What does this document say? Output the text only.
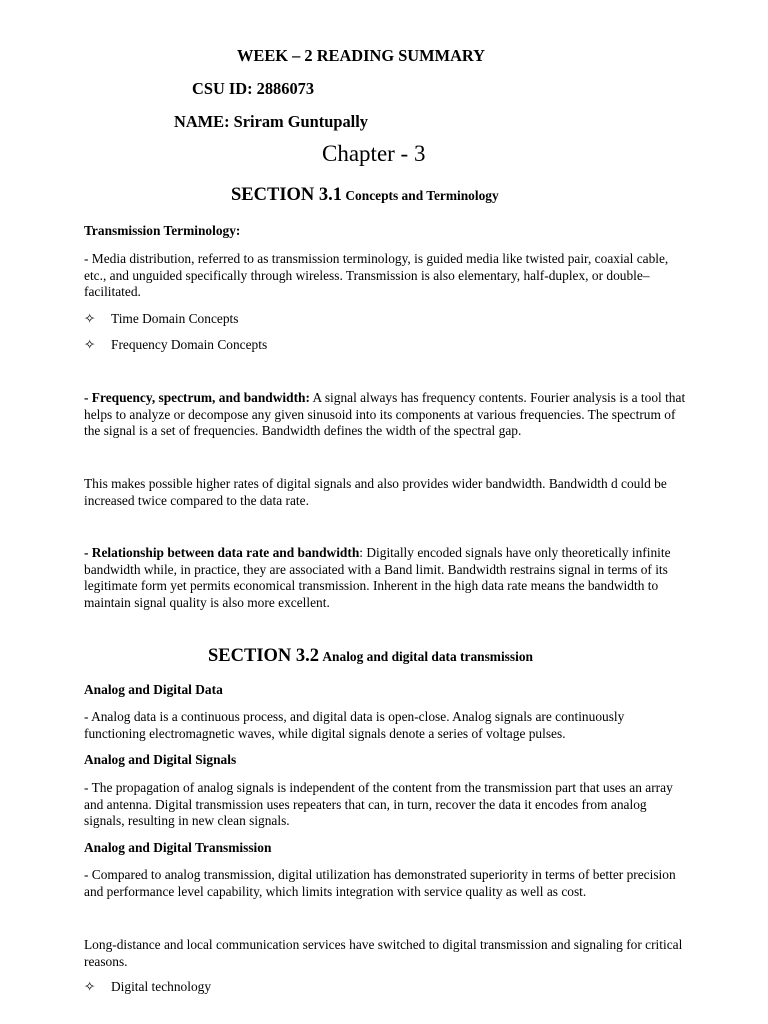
WEEK – 2 READING SUMMARY
CSU ID: 2886073
NAME: Sriram Guntupally
Chapter - 3
SECTION 3.1 Concepts and Terminology
Transmission Terminology:
- Media distribution, referred to as transmission terminology, is guided media like twisted pair, coaxial cable, etc., and unguided specifically through wireless. Transmission is also elementary, half-duplex, or double–facilitated.
✧ Time Domain Concepts
✧ Frequency Domain Concepts
- Frequency, spectrum, and bandwidth: A signal always has frequency contents. Fourier analysis is a tool that helps to analyze or decompose any given sinusoid into its components at various frequencies. The spectrum of the signal is a set of frequencies. Bandwidth defines the width of the spectral gap.
This makes possible higher rates of digital signals and also provides wider bandwidth. Bandwidth d could be increased twice compared to the data rate.
- Relationship between data rate and bandwidth: Digitally encoded signals have only theoretically infinite bandwidth while, in practice, they are associated with a Band limit. Bandwidth restrains signal in terms of its legitimate form yet permits economical transmission. Inherent in the high data rate means the bandwidth to maintain signal quality is also more excellent.
SECTION 3.2 Analog and digital data transmission
Analog and Digital Data
- Analog data is a continuous process, and digital data is open-close. Analog signals are continuously functioning electromagnetic waves, while digital signals denote a series of voltage pulses.
Analog and Digital Signals
- The propagation of analog signals is independent of the content from the transmission part that uses an array and antenna. Digital transmission uses repeaters that can, in turn, recover the data it encodes from analog signals, resulting in new clean signals.
Analog and Digital Transmission
- Compared to analog transmission, digital utilization has demonstrated superiority in terms of better precision and performance level capability, which limits integration with service quality as well as cost.
Long-distance and local communication services have switched to digital transmission and signaling for critical reasons.
✧ Digital technology
